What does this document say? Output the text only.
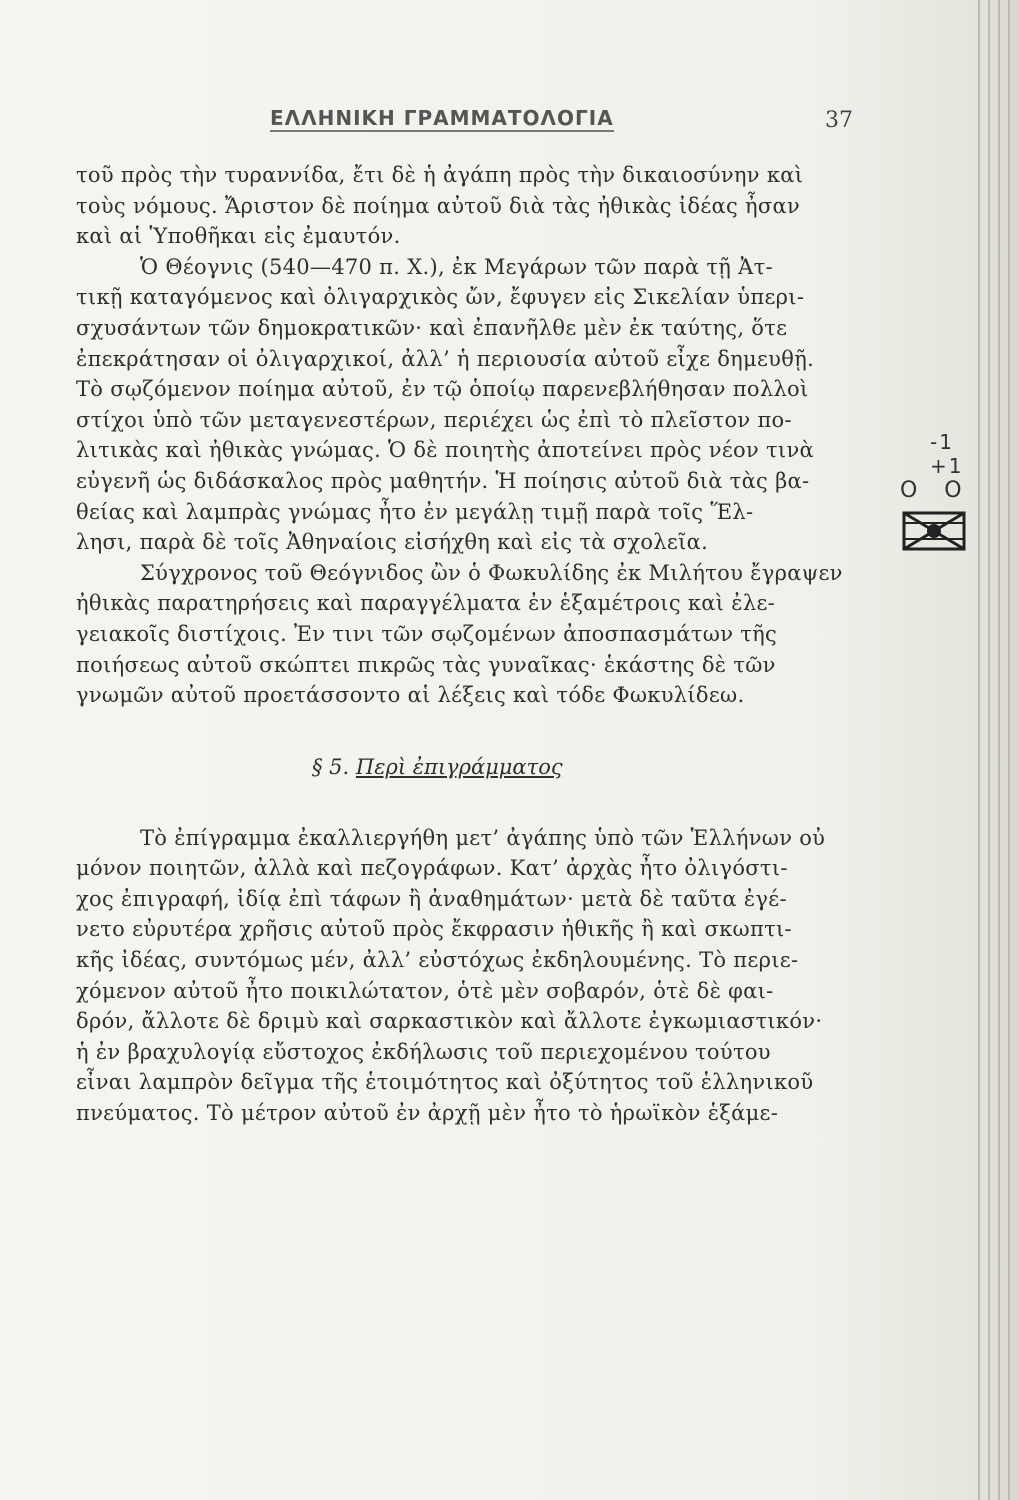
ΕΛΛΗΝΙΚΗ ΓΡΑΜΜΑΤΟΛΟΓΙΑ	37
τοῦ πρὸς τὴν τυραννίδα, ἔτι δὲ ἡ ἀγάπη πρὸς τὴν δικαιοσύνην καὶ
τοὺς νόμους. Ἄριστον δὲ ποίημα αὐτοῦ διὰ τὰς ἠθικὰς ἰδέας ἦσαν
καὶ αἱ Ὑποθῆκαι εἰς ἐμαυτόν.
Ὁ Θέογνις (540—470 π. Χ.), ἐκ Μεγάρων τῶν παρὰ τῇ Ἀτ-
τικῇ καταγόμενος καὶ ὀλιγαρχικὸς ὤν, ἔφυγεν εἰς Σικελίαν ὑπερι-
σχυσάντων τῶν δημοκρατικῶν· καὶ ἐπανῆλθε μὲν ἐκ ταύτης, ὅτε
ἐπεκράτησαν οἱ ὀλιγαρχικοί, ἀλλ’ ἡ περιουσία αὐτοῦ εἶχε δημευθῇ.
Τὸ σῳζόμενον ποίημα αὐτοῦ, ἐν τῷ ὁποίῳ παρενεβλήθησαν πολλοὶ
στίχοι ὑπὸ τῶν μεταγενεστέρων, περιέχει ὡς ἐπὶ τὸ πλεῖστον πο-
λιτικὰς καὶ ἠθικὰς γνώμας. Ὁ δὲ ποιητὴς ἀποτείνει πρὸς νέον τινὰ
εὐγενῆ ὡς διδάσκαλος πρὸς μαθητήν. Ἡ ποίησις αὐτοῦ διὰ τὰς βα-
θείας καὶ λαμπρὰς γνώμας ἦτο ἐν μεγάλῃ τιμῇ παρὰ τοῖς Ἕλ-
λησι, παρὰ δὲ τοῖς Ἀθηναίοις εἰσήχθη καὶ εἰς τὰ σχολεῖα.
Σύγχρονος τοῦ Θεόγνιδος ὢν ὁ Φωκυλίδης ἐκ Μιλήτου ἔγραψεν
ἠθικὰς παρατηρήσεις καὶ παραγγέλματα ἐν ἑξαμέτροις καὶ ἐλε-
γειακοῖς διστίχοις. Ἐν τινι τῶν σῳζομένων ἀποσπασμάτων τῆς
ποιήσεως αὐτοῦ σκώπτει πικρῶς τὰς γυναῖκας· ἑκάστης δὲ τῶν
γνωμῶν αὐτοῦ προετάσσοντο αἱ λέξεις καὶ τόδε Φωκυλίδεω.
§ 5. Περὶ ἐπιγράμματος
Τὸ ἐπίγραμμα ἐκαλλιεργήθη μετ’ ἀγάπης ὑπὸ τῶν Ἑλλήνων οὐ
μόνον ποιητῶν, ἀλλὰ καὶ πεζογράφων. Κατ’ ἀρχὰς ἦτο ὀλιγόστι-
χος ἐπιγραφή, ἰδίᾳ ἐπὶ τάφων ἢ ἀναθημάτων· μετὰ δὲ ταῦτα ἐγέ-
νετο εὐρυτέρα χρῆσις αὐτοῦ πρὸς ἔκφρασιν ἠθικῆς ἢ καὶ σκωπτι-
κῆς ἰδέας, συντόμως μέν, ἀλλ’ εὐστόχως ἐκδηλουμένης. Τὸ περιε-
χόμενον αὐτοῦ ἦτο ποικιλώτατον, ὁτὲ μὲν σοβαρόν, ὁτὲ δὲ φαι-
δρόν, ἄλλοτε δὲ δριμὺ καὶ σαρκαστικὸν καὶ ἄλλοτε ἐγκωμιαστικόν·
ἡ ἐν βραχυλογίᾳ εὔστοχος ἐκδήλωσις τοῦ περιεχομένου τούτου
εἶναι λαμπρὸν δεῖγμα τῆς ἑτοιμότητος καὶ ὀξύτητος τοῦ ἑλληνικοῦ
πνεύματος. Τὸ μέτρον αὐτοῦ ἐν ἀρχῇ μὲν ἦτο τὸ ἡρωϊκὸν ἑξάμε-
-1 +1
O O
